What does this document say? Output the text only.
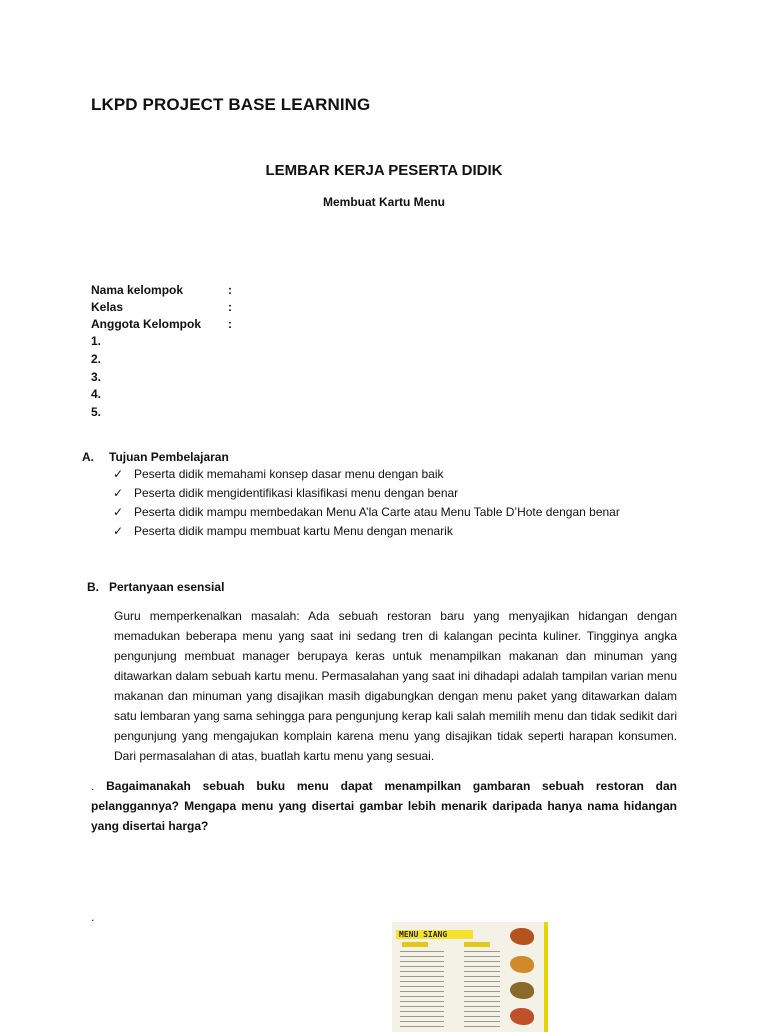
LKPD PROJECT BASE LEARNING
LEMBAR KERJA PESERTA DIDIK
Membuat Kartu Menu
Nama kelompok	:
Kelas	:
Anggota Kelompok :
1.
2.
3.
4.
5.
A. Tujuan Pembelajaran
✓ Peserta didik memahami konsep dasar menu dengan baik
✓ Peserta didik mengidentifikasi klasifikasi menu dengan benar
✓ Peserta didik mampu membedakan Menu A’la Carte atau Menu Table D’Hote dengan benar
✓ Peserta didik mampu membuat kartu Menu dengan menarik
B. Pertanyaan esensial

Guru memperkenalkan masalah: Ada sebuah restoran baru yang menyajikan hidangan dengan memadukan beberapa menu yang saat ini sedang tren di kalangan pecinta kuliner. Tingginya angka pengunjung membuat manager berupaya keras untuk menampilkan makanan dan minuman yang ditawarkan dalam sebuah kartu menu. Permasalahan yang saat ini dihadapi adalah tampilan varian menu makanan dan minuman yang disajikan masih digabungkan dengan menu paket yang ditawarkan dalam satu lembaran yang sama sehingga para pengunjung kerap kali salah memilih menu dan tidak sedikit dari pengunjung yang mengajukan komplain karena menu yang disajikan tidak seperti harapan konsumen. Dari permasalahan di atas, buatlah kartu menu yang sesuai.

. Bagaimanakah sebuah buku menu dapat menampilkan gambaran sebuah restoran dan pelanggannya? Mengapa menu yang disertai gambar lebih menarik daripada hanya nama hidangan yang disertai harga?

.
MENU SIANG
